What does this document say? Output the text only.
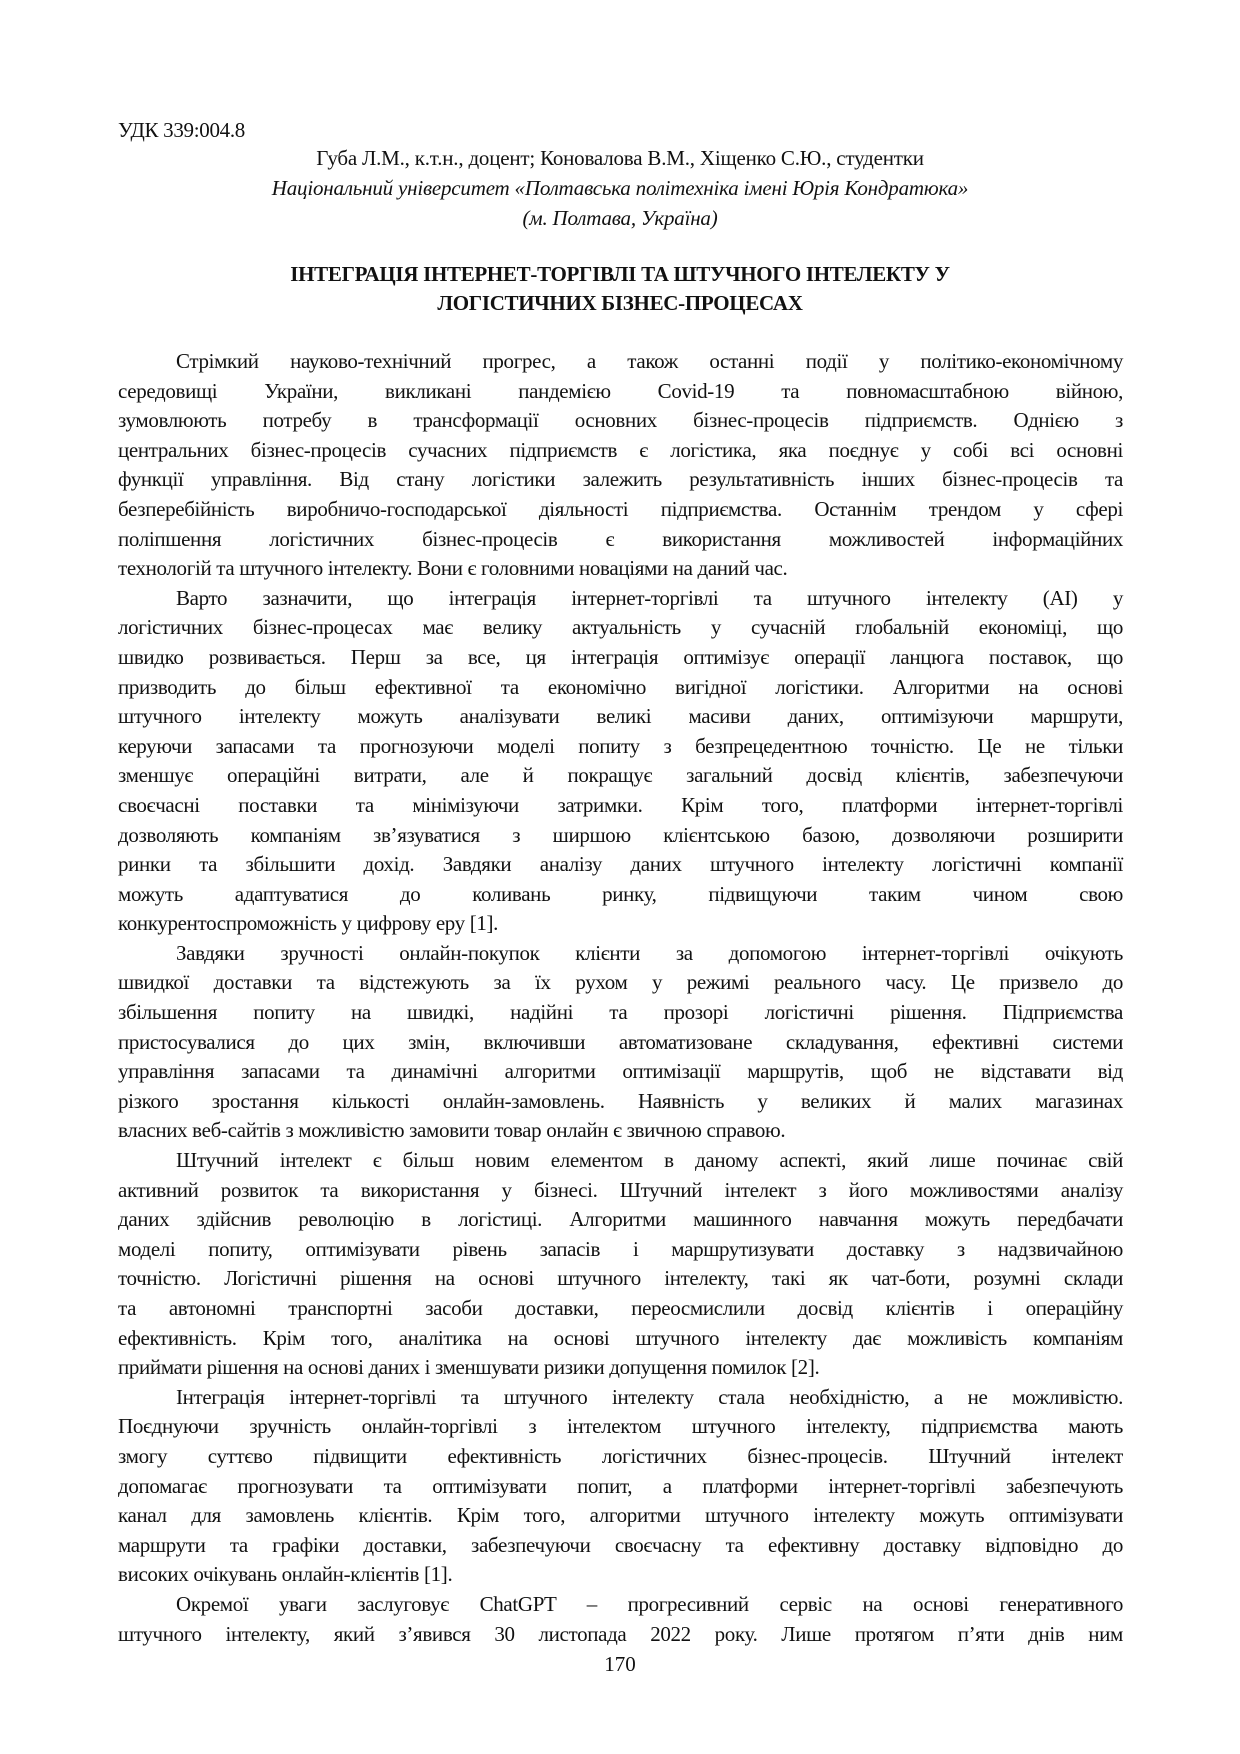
УДК 339:004.8
Губа Л.М., к.т.н., доцент; Коновалова В.М., Хіщенко С.Ю., студентки
Національний університет «Полтавська політехніка імені Юрія Кондратюка»
(м. Полтава, Україна)
ІНТЕГРАЦІЯ ІНТЕРНЕТ-ТОРГІВЛІ ТА ШТУЧНОГО ІНТЕЛЕКТУ У
ЛОГІСТИЧНИХ БІЗНЕС-ПРОЦЕСАХ
Стрімкий науково-технічний прогрес, а також останні події у політико-економічному
середовищі України, викликані пандемією Covid-19 та повномасштабною війною,
зумовлюють потребу в трансформації основних бізнес-процесів підприємств. Однією з
центральних бізнес-процесів сучасних підприємств є логістика, яка поєднує у собі всі основні
функції управління. Від стану логістики залежить результативність інших бізнес-процесів та
безперебійність виробничо-господарської діяльності підприємства. Останнім трендом у сфері
поліпшення логістичних бізнес-процесів є використання можливостей інформаційних
технологій та штучного інтелекту. Вони є головними новаціями на даний час.
Варто зазначити, що інтеграція інтернет-торгівлі та штучного інтелекту (AI) у
логістичних бізнес-процесах має велику актуальність у сучасній глобальній економіці, що
швидко розвивається. Перш за все, ця інтеграція оптимізує операції ланцюга поставок, що
призводить до більш ефективної та економічно вигідної логістики. Алгоритми на основі
штучного інтелекту можуть аналізувати великі масиви даних, оптимізуючи маршрути,
керуючи запасами та прогнозуючи моделі попиту з безпрецедентною точністю. Це не тільки
зменшує операційні витрати, але й покращує загальний досвід клієнтів, забезпечуючи
своєчасні поставки та мінімізуючи затримки. Крім того, платформи інтернет-торгівлі
дозволяють компаніям зв’язуватися з ширшою клієнтською базою, дозволяючи розширити
ринки та збільшити дохід. Завдяки аналізу даних штучного інтелекту логістичні компанії
можуть адаптуватися до коливань ринку, підвищуючи таким чином свою
конкурентоспроможність у цифрову еру [1].
Завдяки зручності онлайн-покупок клієнти за допомогою інтернет-торгівлі очікують
швидкої доставки та відстежують за їх рухом у режимі реального часу. Це призвело до
збільшення попиту на швидкі, надійні та прозорі логістичні рішення. Підприємства
пристосувалися до цих змін, включивши автоматизоване складування, ефективні системи
управління запасами та динамічні алгоритми оптимізації маршрутів, щоб не відставати від
різкого зростання кількості онлайн-замовлень. Наявність у великих й малих магазинах
власних веб-сайтів з можливістю замовити товар онлайн є звичною справою.
Штучний інтелект є більш новим елементом в даному аспекті, який лише починає свій
активний розвиток та використання у бізнесі. Штучний інтелект з його можливостями аналізу
даних здійснив революцію в логістиці. Алгоритми машинного навчання можуть передбачати
моделі попиту, оптимізувати рівень запасів і маршрутизувати доставку з надзвичайною
точністю. Логістичні рішення на основі штучного інтелекту, такі як чат-боти, розумні склади
та автономні транспортні засоби доставки, переосмислили досвід клієнтів і операційну
ефективність. Крім того, аналітика на основі штучного інтелекту дає можливість компаніям
приймати рішення на основі даних і зменшувати ризики допущення помилок [2].
Інтеграція інтернет-торгівлі та штучного інтелекту стала необхідністю, а не можливістю.
Поєднуючи зручність онлайн-торгівлі з інтелектом штучного інтелекту, підприємства мають
змогу суттєво підвищити ефективність логістичних бізнес-процесів. Штучний інтелект
допомагає прогнозувати та оптимізувати попит, а платформи інтернет-торгівлі забезпечують
канал для замовлень клієнтів. Крім того, алгоритми штучного інтелекту можуть оптимізувати
маршрути та графіки доставки, забезпечуючи своєчасну та ефективну доставку відповідно до
високих очікувань онлайн-клієнтів [1].
Окремої уваги заслуговує ChatGPT – прогресивний сервіс на основі генеративного
штучного інтелекту, який з’явився 30 листопада 2022 року. Лише протягом п’яти днів ним
170
